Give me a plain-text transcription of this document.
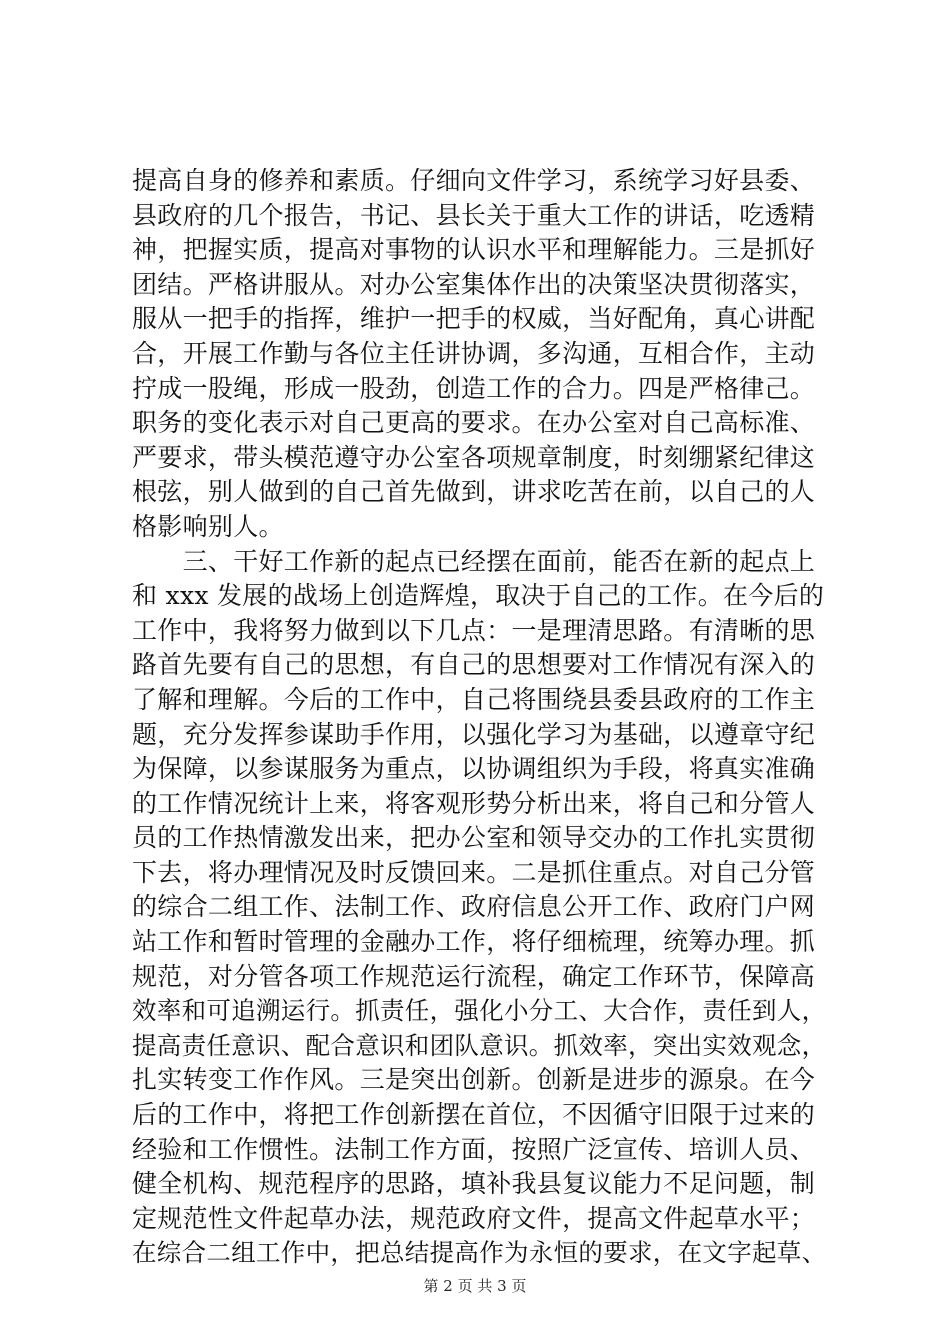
提高自身的修养和素质。仔细向文件学习，系统学习好县委、
县政府的几个报告，书记、县长关于重大工作的讲话，吃透精
神，把握实质，提高对事物的认识水平和理解能力。三是抓好
团结。严格讲服从。对办公室集体作出的决策坚决贯彻落实，
服从一把手的指挥，维护一把手的权威，当好配角，真心讲配
合，开展工作勤与各位主任讲协调，多沟通，互相合作，主动
拧成一股绳，形成一股劲，创造工作的合力。四是严格律己。
职务的变化表示对自己更高的要求。在办公室对自己高标准、
严要求，带头模范遵守办公室各项规章制度，时刻绷紧纪律这
根弦，别人做到的自己首先做到，讲求吃苦在前，以自己的人
格影响别人。
　　三、干好工作新的起点已经摆在面前，能否在新的起点上
和 xxx 发展的战场上创造辉煌，取决于自己的工作。在今后的
工作中，我将努力做到以下几点：一是理清思路。有清晰的思
路首先要有自己的思想，有自己的思想要对工作情况有深入的
了解和理解。今后的工作中，自己将围绕县委县政府的工作主
题，充分发挥参谋助手作用，以强化学习为基础，以遵章守纪
为保障，以参谋服务为重点，以协调组织为手段，将真实准确
的工作情况统计上来，将客观形势分析出来，将自己和分管人
员的工作热情激发出来，把办公室和领导交办的工作扎实贯彻
下去，将办理情况及时反馈回来。二是抓住重点。对自己分管
的综合二组工作、法制工作、政府信息公开工作、政府门户网
站工作和暂时管理的金融办工作，将仔细梳理，统筹办理。抓
规范，对分管各项工作规范运行流程，确定工作环节，保障高
效率和可追溯运行。抓责任，强化小分工、大合作，责任到人，
提高责任意识、配合意识和团队意识。抓效率，突出实效观念，
扎实转变工作作风。三是突出创新。创新是进步的源泉。在今
后的工作中，将把工作创新摆在首位，不因循守旧限于过来的
经验和工作惯性。法制工作方面，按照广泛宣传、培训人员、
健全机构、规范程序的思路，填补我县复议能力不足问题，制
定规范性文件起草办法，规范政府文件，提高文件起草水平；
在综合二组工作中，把总结提高作为永恒的要求，在文字起草、
第 2 页 共 3 页
